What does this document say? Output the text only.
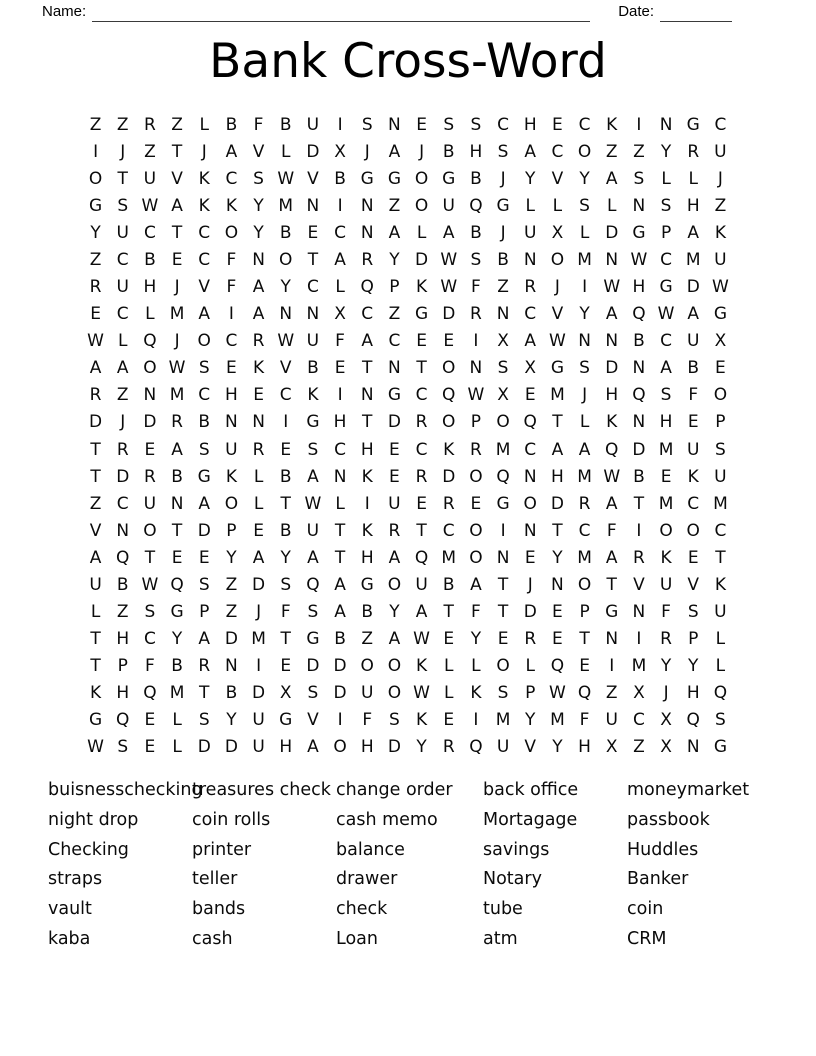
Name:	Date:
Bank Cross-Word
Z Z R Z L B F B U	I	S N E S S C H E C K	I	N G C
I	J	Z T	J	A V L D X	J	A	J	B H S A C O Z Z Y R U
O T U V K C S W V B G G O G B	J	Y V Y A S	L	L	J
G S W A K K Y M N	I	N Z O U Q G L	L	S	L N S H Z
Y U C T C O Y B E C N A L A B	J	U X L D G P A K
Z C B E C F N O T A R Y D W S B N O M N W C M U
R U H	J	V F A Y C L Q P K W F Z R	J	I W H G D W
E C L M A	I	A N N X C Z G D R N C V Y A Q W A G
W L Q	J	O C R W U F A C E E	I	X A W N N B C U X
A A O W S E K V B E T N T O N S X G S D N A B E
R Z N M C H E C K	I	N G C Q W X E M	J	H Q S F O
D	J	D R B N N	I	G H T D R O P O Q T	L K N H E P
T R E A S U R E S C H E C K R M C A A Q D M U S
T D R B G K L B A N K E R D O Q N H M W B E K U
Z C U N A O L	T W L	I	U E R E G O D R A T M C M
V N O T D P E B U T K R T C O	I	N T C F	I	O O C
A Q T E E Y A Y A T H A Q M O N E Y M A R K E T
U B W Q S Z D S Q A G O U B A T	J	N O T V U V K
L Z S G P Z	J	F S A B Y A T	F	T D E P G N F S U
T H C Y A D M T G B Z A W E Y E R E T N	I	R P	L
T P	F B R N	I	E D D O O K L	L O L Q E	I	M Y Y	L
K H Q M T B D X S D U O W L K S P W Q Z X	J	H Q
G Q E	L	S Y U G V	I	F S K E	I	M Y M F U C X Q S
W S E	L D D U H A O H D Y R Q U V Y H X Z X N G
buisnesschecking
night drop
Checking
straps
vault
kaba
treasures check
coin rolls
printer
teller
bands
cash
change order
cash memo
balance
drawer
check
Loan
back office
Mortagage
savings
Notary
tube
atm
moneymarket
passbook
Huddles
Banker
coin
CRM
